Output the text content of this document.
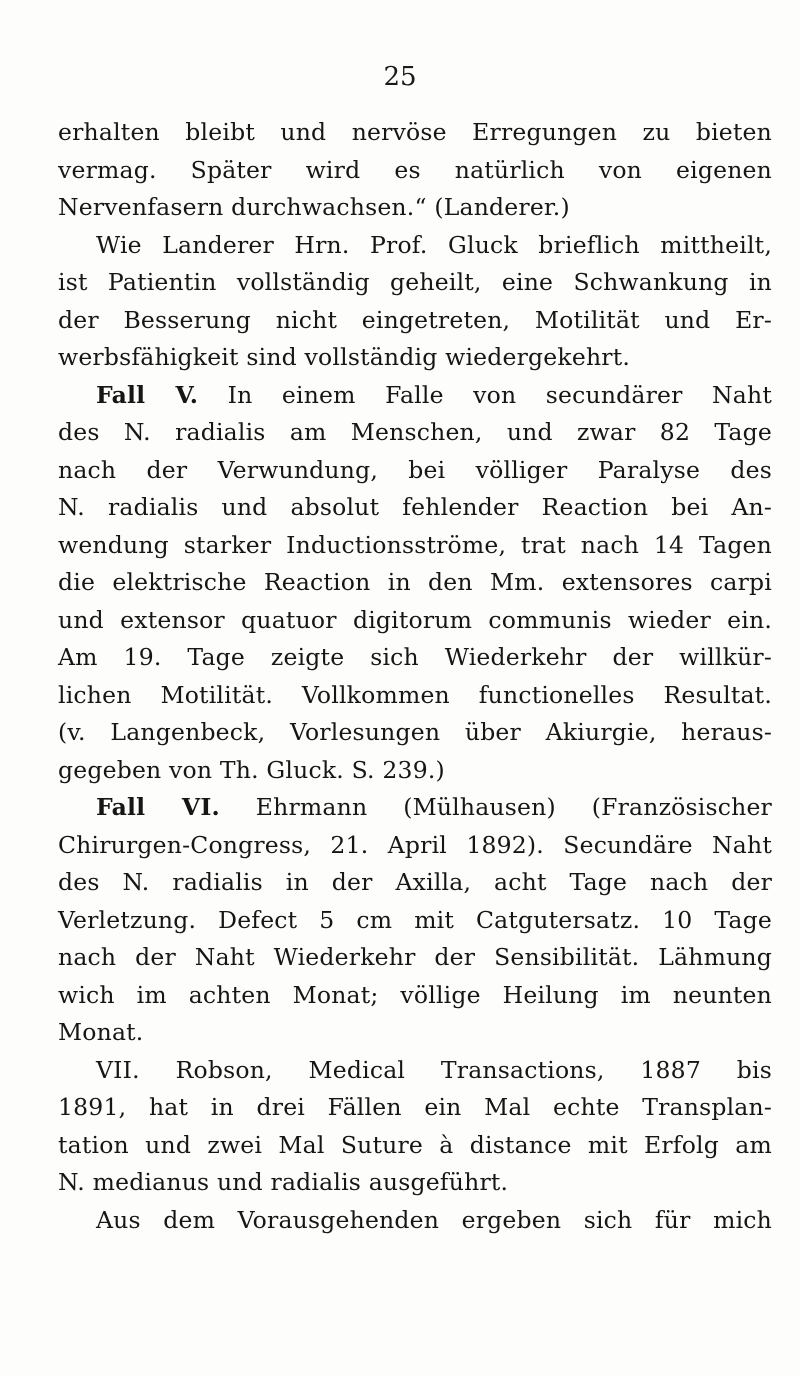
25
erhalten bleibt und nervöse Erregungen zu bieten
vermag. Später wird es natürlich von eigenen
Nervenfasern durchwachsen.“ (Landerer.)
Wie Landerer Hrn. Prof. Gluck brieflich mittheilt,
ist Patientin vollständig geheilt, eine Schwankung in
der Besserung nicht eingetreten, Motilität und Er-
werbsfähigkeit sind vollständig wiedergekehrt.
Fall V. In einem Falle von secundärer Naht
des N. radialis am Menschen, und zwar 82 Tage
nach der Verwundung, bei völliger Paralyse des
N. radialis und absolut fehlender Reaction bei An-
wendung starker Inductionsströme, trat nach 14 Tagen
die elektrische Reaction in den Mm. extensores carpi
und extensor quatuor digitorum communis wieder ein.
Am 19. Tage zeigte sich Wiederkehr der willkür-
lichen Motilität. Vollkommen functionelles Resultat.
(v. Langenbeck, Vorlesungen über Akiurgie, heraus-
gegeben von Th. Gluck. S. 239.)
Fall VI. Ehrmann (Mülhausen) (Französischer
Chirurgen-Congress, 21. April 1892). Secundäre Naht
des N. radialis in der Axilla, acht Tage nach der
Verletzung. Defect 5 cm mit Catgutersatz. 10 Tage
nach der Naht Wiederkehr der Sensibilität. Lähmung
wich im achten Monat; völlige Heilung im neunten
Monat.
VII. Robson, Medical Transactions, 1887 bis
1891, hat in drei Fällen ein Mal echte Transplan-
tation und zwei Mal Suture à distance mit Erfolg am
N. medianus und radialis ausgeführt.
Aus dem Vorausgehenden ergeben sich für mich
